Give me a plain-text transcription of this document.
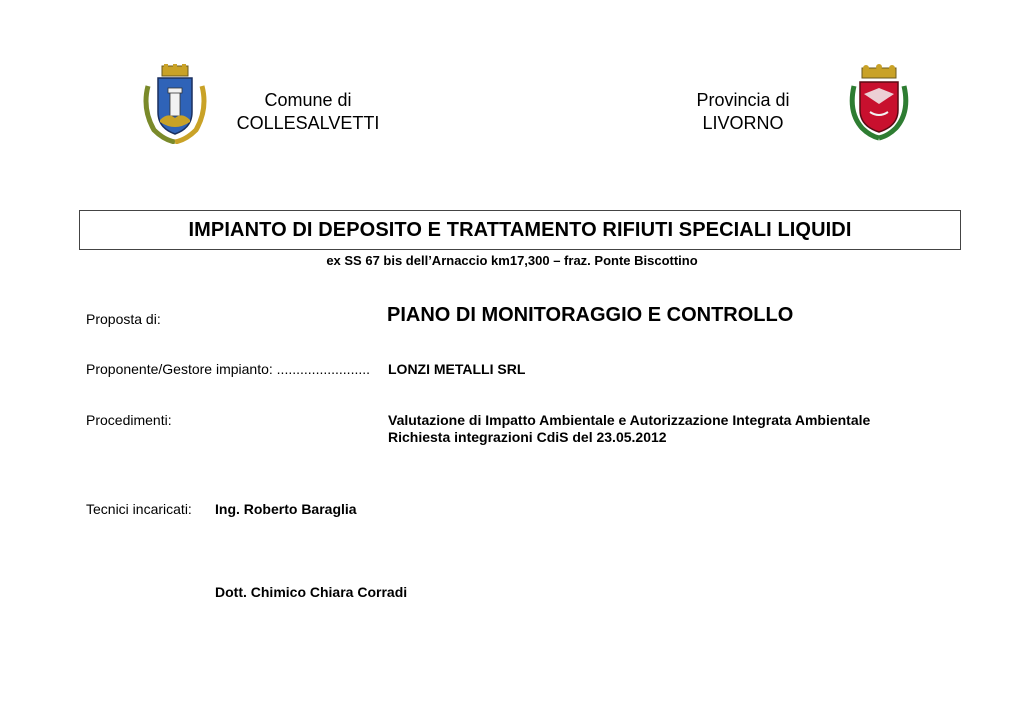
Comune di
COLLESALVETTI
Provincia di
LIVORNO
IMPIANTO DI DEPOSITO E TRATTAMENTO RIFIUTI SPECIALI LIQUIDI
ex SS 67 bis dell’Arnaccio km17,300 – fraz. Ponte Biscottino
Proposta di:	PIANO DI MONITORAGGIO E CONTROLLO
Proponente/Gestore impianto: ........................ LONZI METALLI SRL
Procedimenti:	Valutazione di Impatto Ambientale e Autorizzazione Integrata Ambientale
Richiesta integrazioni CdiS del 23.05.2012
Tecnici incaricati: Ing. Roberto Baraglia
Dott. Chimico Chiara Corradi
